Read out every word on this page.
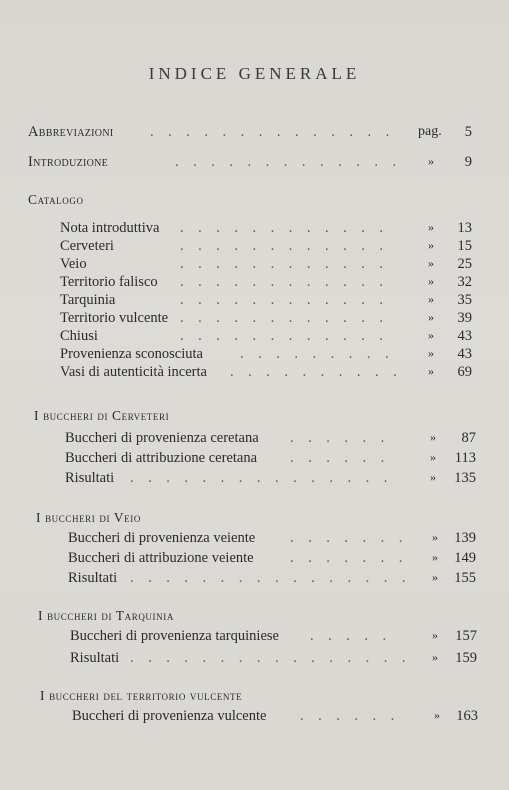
INDICE GENERALE
Abbreviazioni	.    .    .    .    .    .    .    .    .    .    .    .    .    . pag.	5
Introduzione	.    .    .    .    .    .    .    .    .    .    .    .    . »	9
Catalogo
Nota introduttiva .    .    .    .    .    .    .    .    .    .    .    .	»	13
Cerveteri	.    .    .    .    .    .    .    .    .    .    .    .	»	15
Veio	.    .    .    .    .    .    .    .    .    .    .    .	»	25
Territorio falisco .    .    .    .    .    .    .    .    .    .    .    .	»	32
Tarquinia	.    .    .    .    .    .    .    .    .    .    .    .	»	35
Territorio vulcente .    .    .    .    .    .    .    .    .    .    .    .	»	39
Chiusi	.    .    .    .    .    .    .    .    .    .    .    .	»	43
Provenienza sconosciuta	.    .    .    .    .    .    .    .    . »	43
Vasi di autenticità incerta .    .    .    .    .    .    .    .    .    . »	69
I buccheri di Cerveteri
Buccheri di provenienza ceretana .    .    .    .    .    .	»	87
Buccheri di attribuzione ceretana .    .    .    .    .    .	»	113
Risultati .    .    .    .    .    .    .    .    .    .    .    .    .    .    . »	135
I buccheri di Veio
Buccheri di provenienza veiente .    .    .    .    .    .    . »	139
Buccheri di attribuzione veiente	.    .    .    .    .    .    . »	149
Risultati .    .    .    .    .    .    .    .    .    .    .    .    .    .    .    . »	155
I buccheri di Tarquinia
Buccheri di provenienza tarquiniese .    .    .    .    .	»	157
Risultati .    .    .    .    .    .    .    .    .    .    .    .    .    .    .    . »	159
I buccheri del territorio vulcente
Buccheri di provenienza vulcente .    .    .    .    .    . »	163
